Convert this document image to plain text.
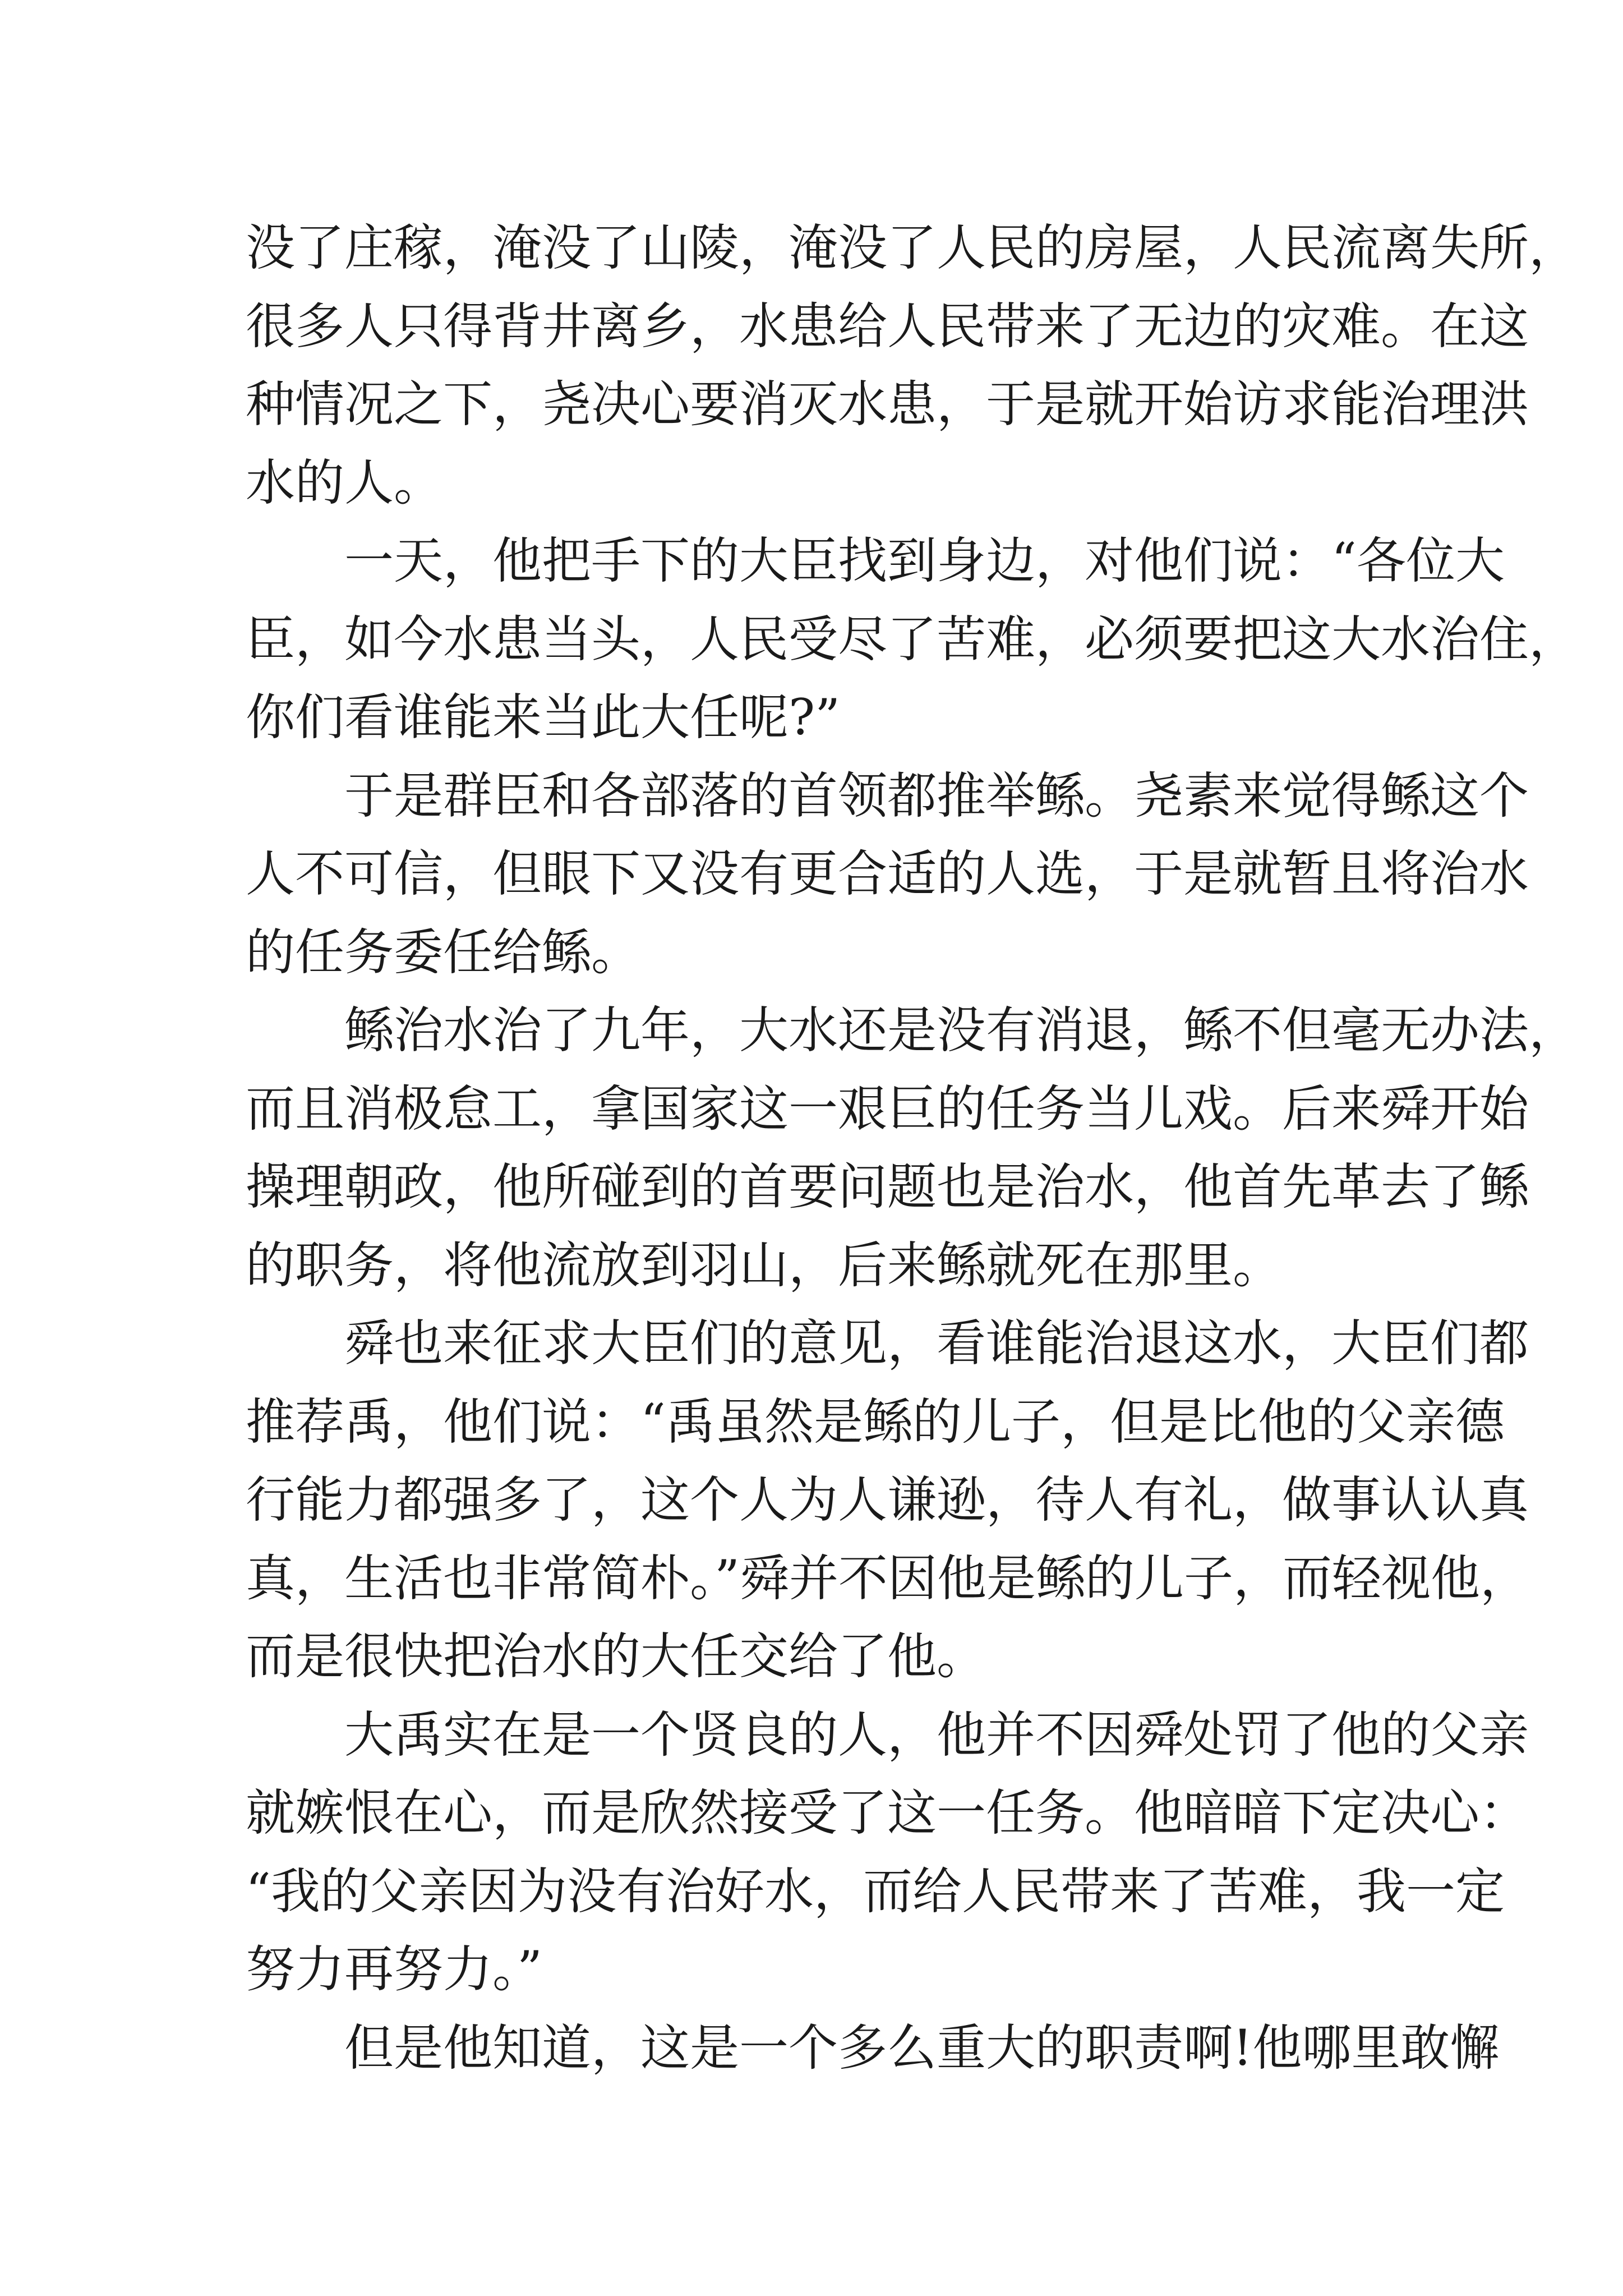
没了庄稼，淹没了山陵，淹没了人民的房屋，人民流离失所，
很多人只得背井离乡，水患给人民带来了无边的灾难。在这
种情况之下，尧决心要消灭水患，于是就开始访求能治理洪
水的人。
一天，他把手下的大臣找到身边，对他们说：“各位大
臣，如今水患当头，人民受尽了苦难，必须要把这大水治住，
你们看谁能来当此大任呢?”
于是群臣和各部落的首领都推举鲧。尧素来觉得鲧这个
人不可信，但眼下又没有更合适的人选，于是就暂且将治水
的任务委任给鲧。
鲧治水治了九年，大水还是没有消退，鲧不但毫无办法，
而且消极怠工，拿国家这一艰巨的任务当儿戏。后来舜开始
操理朝政，他所碰到的首要问题也是治水，他首先革去了鲧
的职务，将他流放到羽山，后来鲧就死在那里。
舜也来征求大臣们的意见，看谁能治退这水，大臣们都
推荐禹，他们说：“禹虽然是鲧的儿子，但是比他的父亲德
行能力都强多了，这个人为人谦逊，待人有礼，做事认认真
真，生活也非常简朴。”舜并不因他是鲧的儿子，而轻视他，
而是很快把治水的大任交给了他。
大禹实在是一个贤良的人，他并不因舜处罚了他的父亲
就嫉恨在心，而是欣然接受了这一任务。他暗暗下定决心：
“我的父亲因为没有治好水，而给人民带来了苦难，我一定
努力再努力。”
但是他知道，这是一个多么重大的职责啊!他哪里敢懈
